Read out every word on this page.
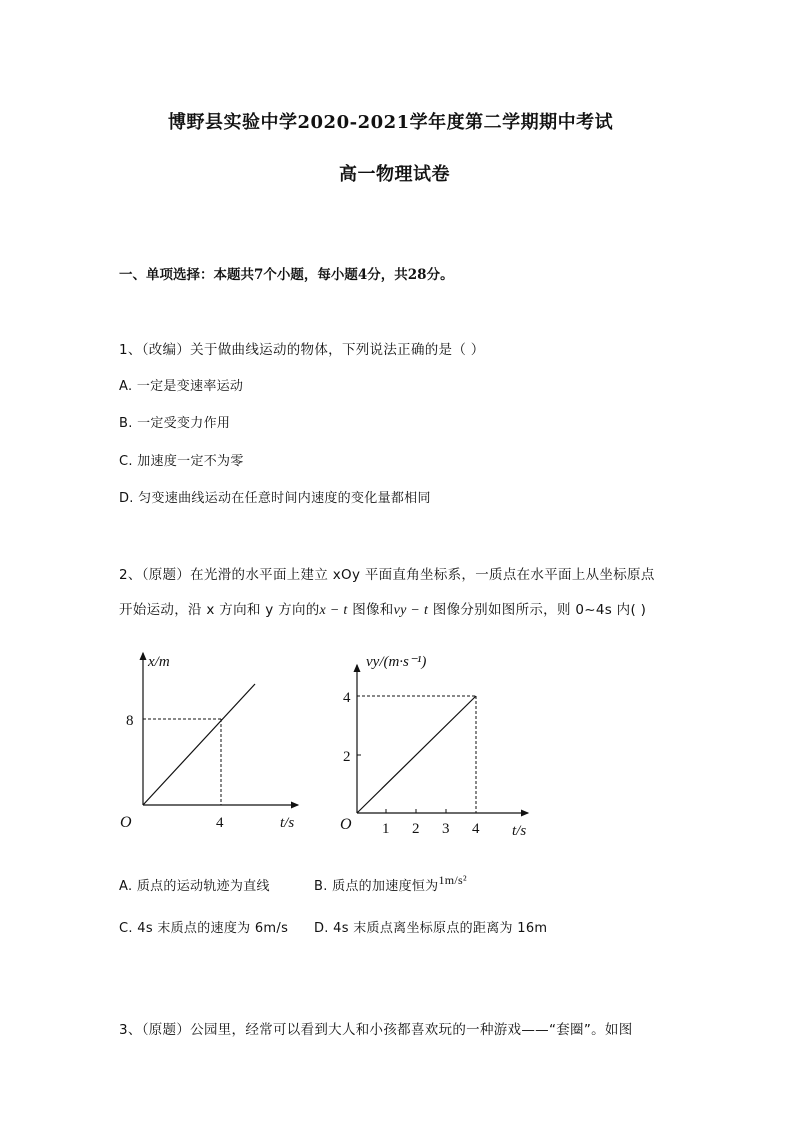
博野县实验中学2020-2021学年度第二学期期中考试
高一物理试卷
一、单项选择：本题共7个小题，每小题4分，共28分。
1、（改编）关于做曲线运动的物体，下列说法正确的是（ ）
A. 一定是变速率运动
B. 一定受变力作用
C. 加速度一定不为零
D. 匀变速曲线运动在任意时间内速度的变化量都相同
2、（原题）在光滑的水平面上建立 xOy 平面直角坐标系，一质点在水平面上从坐标原点
开始运动，沿 x 方向和 y 方向的x − t 图像和vy − t 图像分别如图所示，则 0~4s 内( )
x/m
8
4
O	t/s
vy/(m·s⁻¹)
4
2
1 2 3 4
O	t/s
A. 质点的运动轨迹为直线	B. 质点的加速度恒为1m/s²
C. 4s 末质点的速度为 6m/s D. 4s 末质点离坐标原点的距离为 16m
3、（原题）公园里，经常可以看到大人和小孩都喜欢玩的一种游戏——“套圈”。如图
